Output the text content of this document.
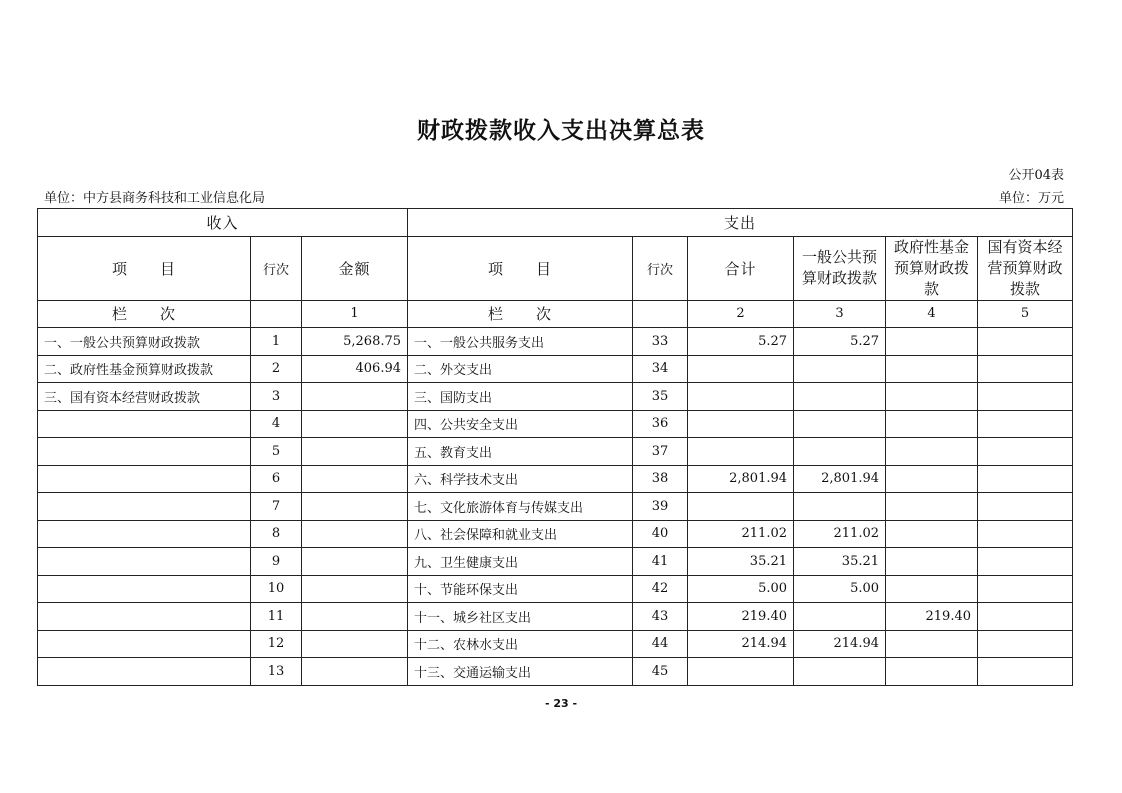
财政拨款收入支出决算总表
公开04表
单位：中方县商务科技和工业信息化局	单位：万元
收入			支出					
项　　目	行次	金额	项　　目	行次	合计	一般公共预算财政拨款	政府性基金预算财政拨款	国有资本经营预算财政拨款
栏　　次		1	栏　　次		2	3	4	5
一、一般公共预算财政拨款	1	5,268.75	一、一般公共服务支出	33	5.27	5.27		
二、政府性基金预算财政拨款	2	406.94	二、外交支出	34				
三、国有资本经营财政拨款	3		三、国防支出	35				
	4		四、公共安全支出	36				
	5		五、教育支出	37				
	6		六、科学技术支出	38	2,801.94	2,801.94		
	7		七、文化旅游体育与传媒支出	39				
	8		八、社会保障和就业支出	40	211.02	211.02		
	9		九、卫生健康支出	41	35.21	35.21		
	10		十、节能环保支出	42	5.00	5.00		
	11		十一、城乡社区支出	43	219.40		219.40	
	12		十二、农林水支出	44	214.94	214.94		
	13		十三、交通运输支出	45				
- 23 -
